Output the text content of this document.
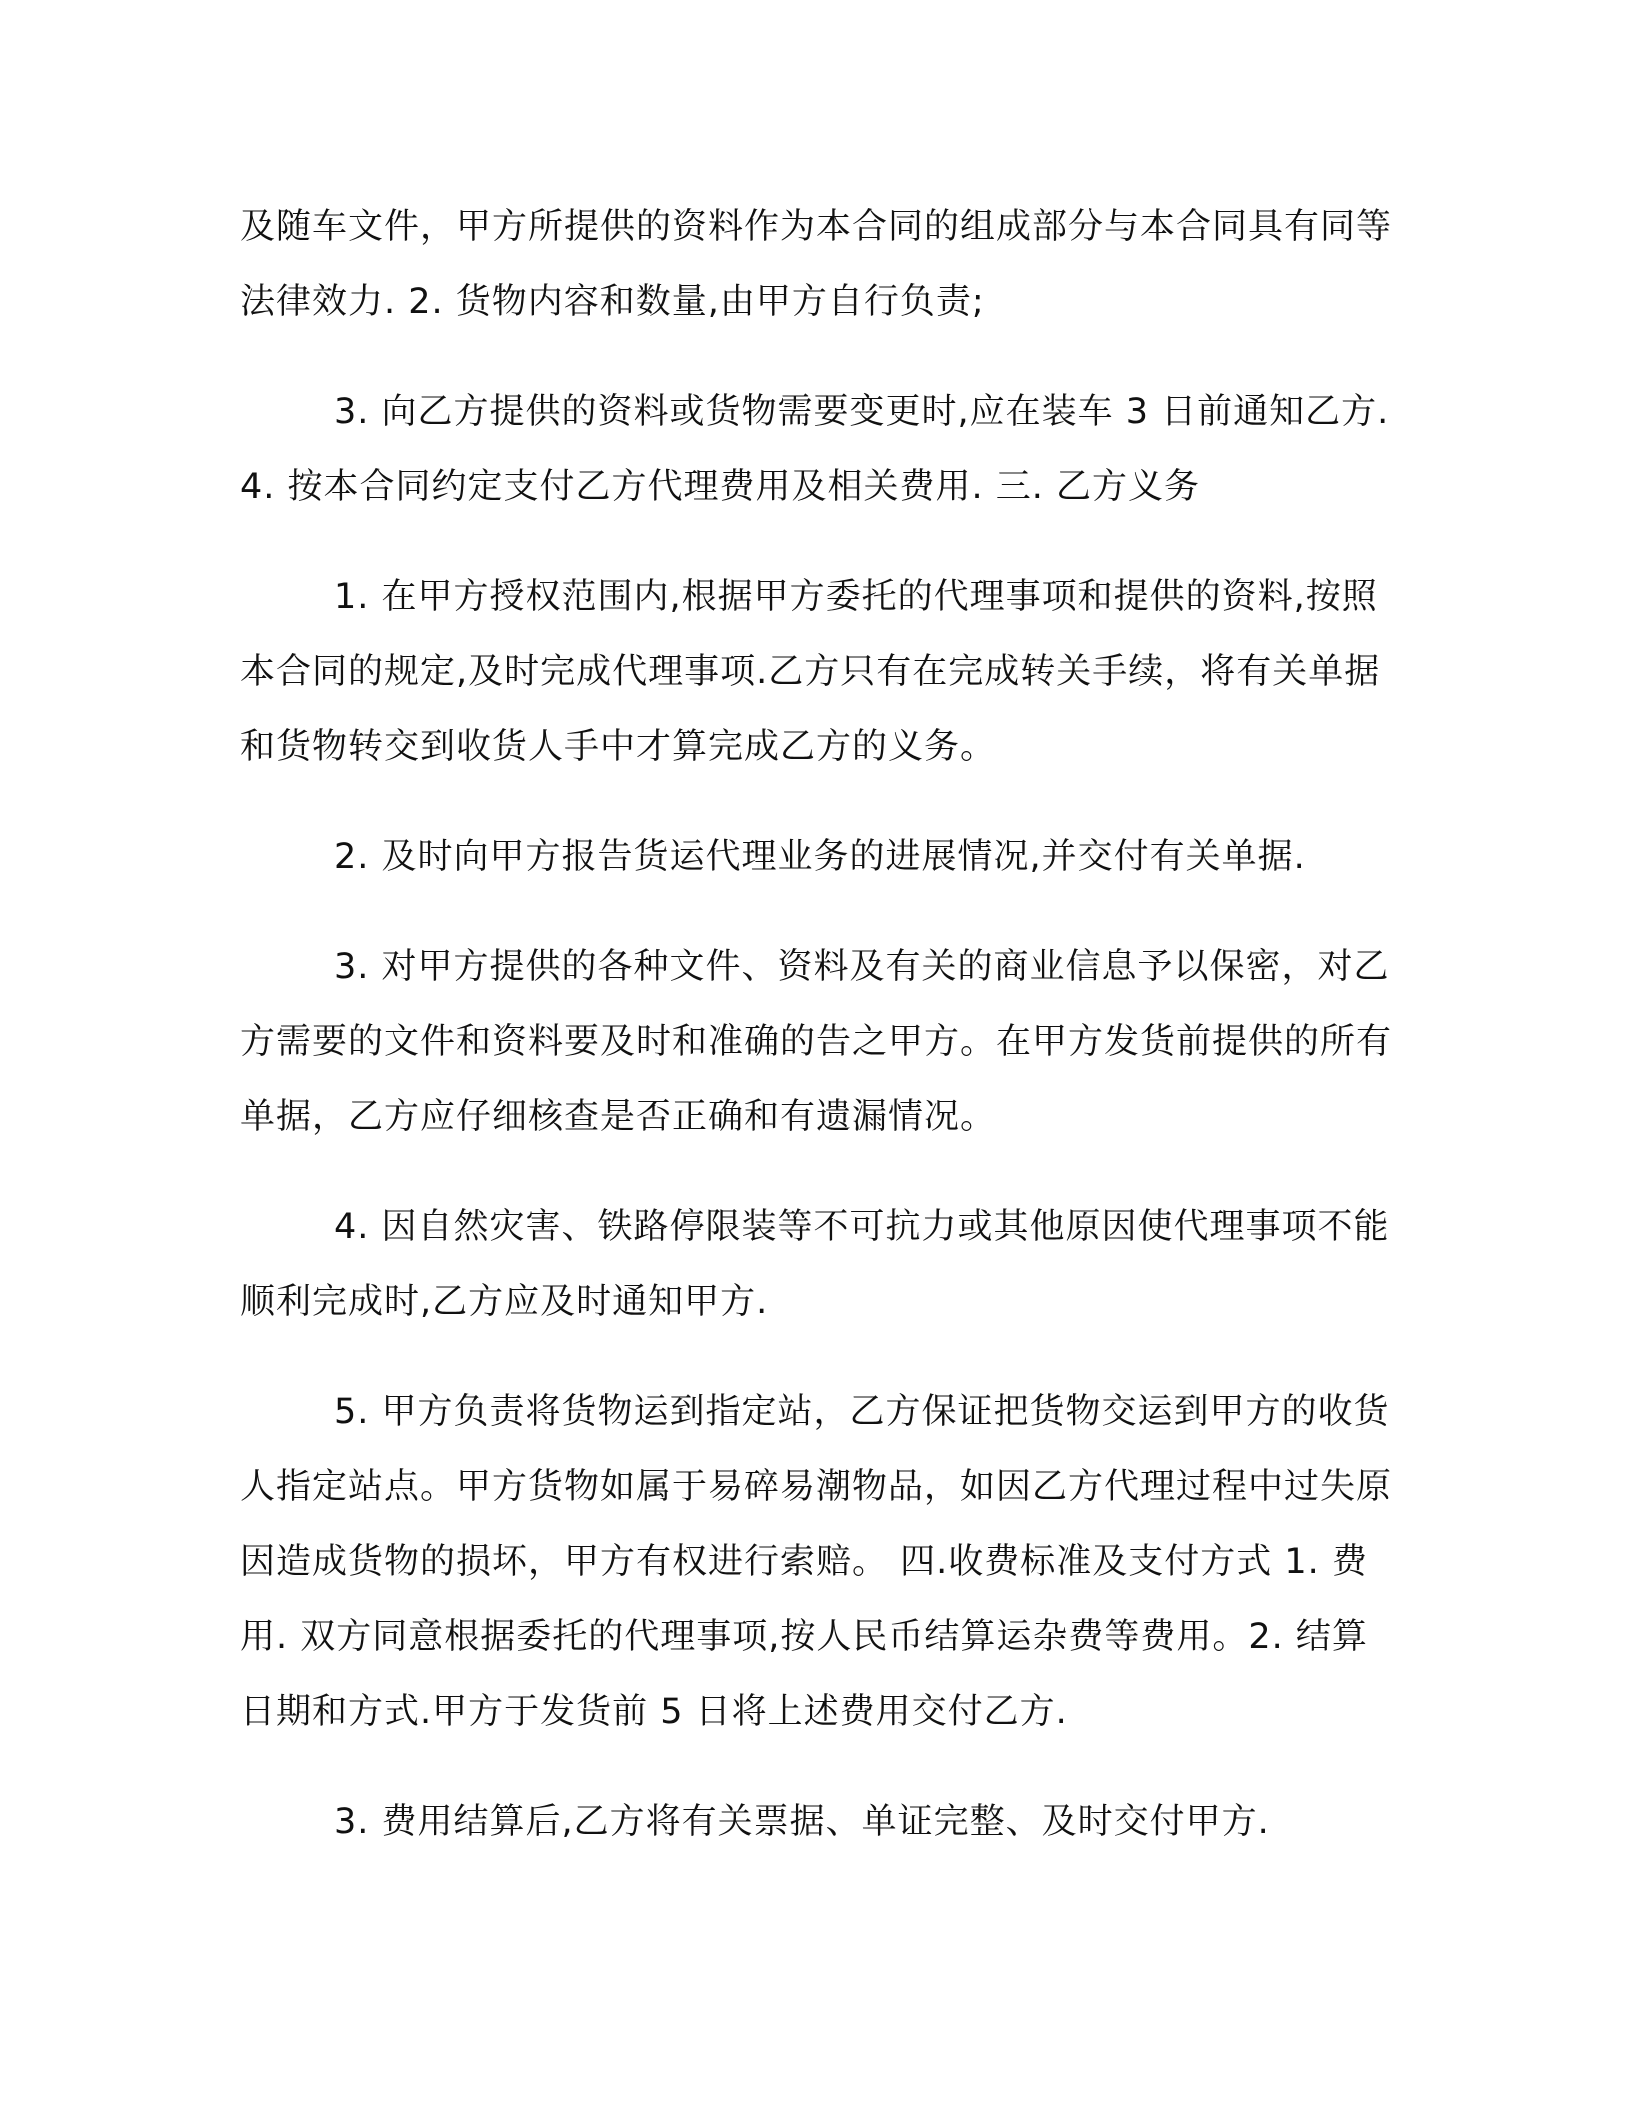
及随车文件，甲方所提供的资料作为本合同的组成部分与本合同具有同等法律效力. 2. 货物内容和数量,由甲方自行负责;

3. 向乙方提供的资料或货物需要变更时,应在装车 3 日前通知乙方. 4. 按本合同约定支付乙方代理费用及相关费用. 三. 乙方义务

1. 在甲方授权范围内,根据甲方委托的代理事项和提供的资料,按照本合同的规定,及时完成代理事项.乙方只有在完成转关手续，将有关单据和货物转交到收货人手中才算完成乙方的义务。

2. 及时向甲方报告货运代理业务的进展情况,并交付有关单据.

3. 对甲方提供的各种文件、资料及有关的商业信息予以保密，对乙方需要的文件和资料要及时和准确的告之甲方。在甲方发货前提供的所有单据，乙方应仔细核查是否正确和有遗漏情况。

4. 因自然灾害、铁路停限装等不可抗力或其他原因使代理事项不能顺利完成时,乙方应及时通知甲方.

5. 甲方负责将货物运到指定站，乙方保证把货物交运到甲方的收货人指定站点。甲方货物如属于易碎易潮物品，如因乙方代理过程中过失原因造成货物的损坏，甲方有权进行索赔。 四.收费标准及支付方式 1. 费用. 双方同意根据委托的代理事项,按人民币结算运杂费等费用。2. 结算日期和方式.甲方于发货前 5 日将上述费用交付乙方.

3. 费用结算后,乙方将有关票据、单证完整、及时交付甲方.
